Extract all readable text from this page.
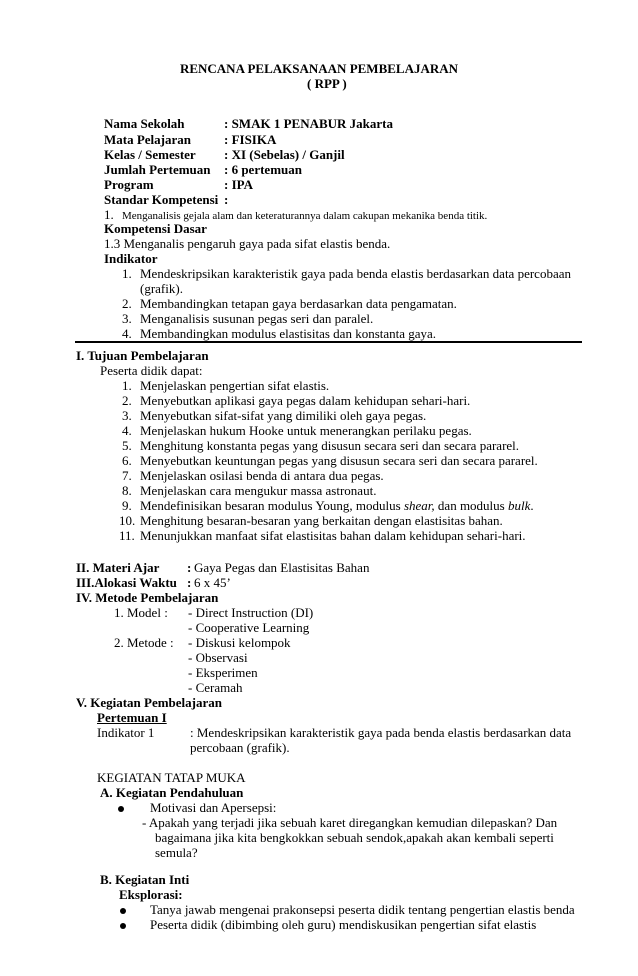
RENCANA PELAKSANAAN PEMBELAJARAN
( RPP )
Nama Sekolah	: SMAK 1 PENABUR Jakarta
Mata Pelajaran	: FISIKA
Kelas / Semester : XI (Sebelas) / Ganjil
Jumlah Pertemuan : 6 pertemuan
Program	: IPA
Standar Kompetensi :
1. Menganalisis gejala alam dan keteraturannya dalam cakupan mekanika benda titik.
Kompetensi Dasar
1.3 Menganalis pengaruh gaya pada sifat elastis benda.
Indikator
1. Mendeskripsikan karakteristik gaya pada benda elastis berdasarkan data percobaan
(grafik).
2. Membandingkan tetapan gaya berdasarkan data pengamatan.
3. Menganalisis susunan pegas seri dan paralel.
4. Membandingkan modulus elastisitas dan konstanta gaya.
I. Tujuan Pembelajaran
Peserta didik dapat:
1. Menjelaskan pengertian sifat elastis.
2. Menyebutkan aplikasi gaya pegas dalam kehidupan sehari-hari.
3. Menyebutkan sifat-sifat yang dimiliki oleh gaya pegas.
4. Menjelaskan hukum Hooke untuk menerangkan perilaku pegas.
5. Menghitung konstanta pegas yang disusun secara seri dan secara pararel.
6. Menyebutkan keuntungan pegas yang disusun secara seri dan secara pararel.
7. Menjelaskan osilasi benda di antara dua pegas.
8. Menjelaskan cara mengukur massa astronaut.
9. Mendefinisikan besaran modulus Young, modulus shear, dan modulus bulk.
10. Menghitung besaran-besaran yang berkaitan dengan elastisitas bahan.
11. Menunjukkan manfaat sifat elastisitas bahan dalam kehidupan sehari-hari.
II. Materi Ajar : Gaya Pegas dan Elastisitas Bahan
III.Alokasi Waktu : 6 x 45’
IV. Metode Pembelajaran
1. Model : - Direct Instruction (DI)
- Cooperative Learning
2. Metode : - Diskusi kelompok
- Observasi
- Eksperimen
- Ceramah
V. Kegiatan Pembelajaran
Pertemuan I
Indikator 1	: Mendeskripsikan karakteristik gaya pada benda elastis berdasarkan data
percobaan (grafik).
KEGIATAN TATAP MUKA
A. Kegiatan Pendahuluan
Motivasi dan Apersepsi:
- Apakah yang terjadi jika sebuah karet diregangkan kemudian dilepaskan? Dan
bagaimana jika kita bengkokkan sebuah sendok,apakah akan kembali seperti
semula?
B. Kegiatan Inti
Eksplorasi:
Tanya jawab mengenai prakonsepsi peserta didik tentang pengertian elastis benda
Peserta didik (dibimbing oleh guru) mendiskusikan pengertian sifat elastis
